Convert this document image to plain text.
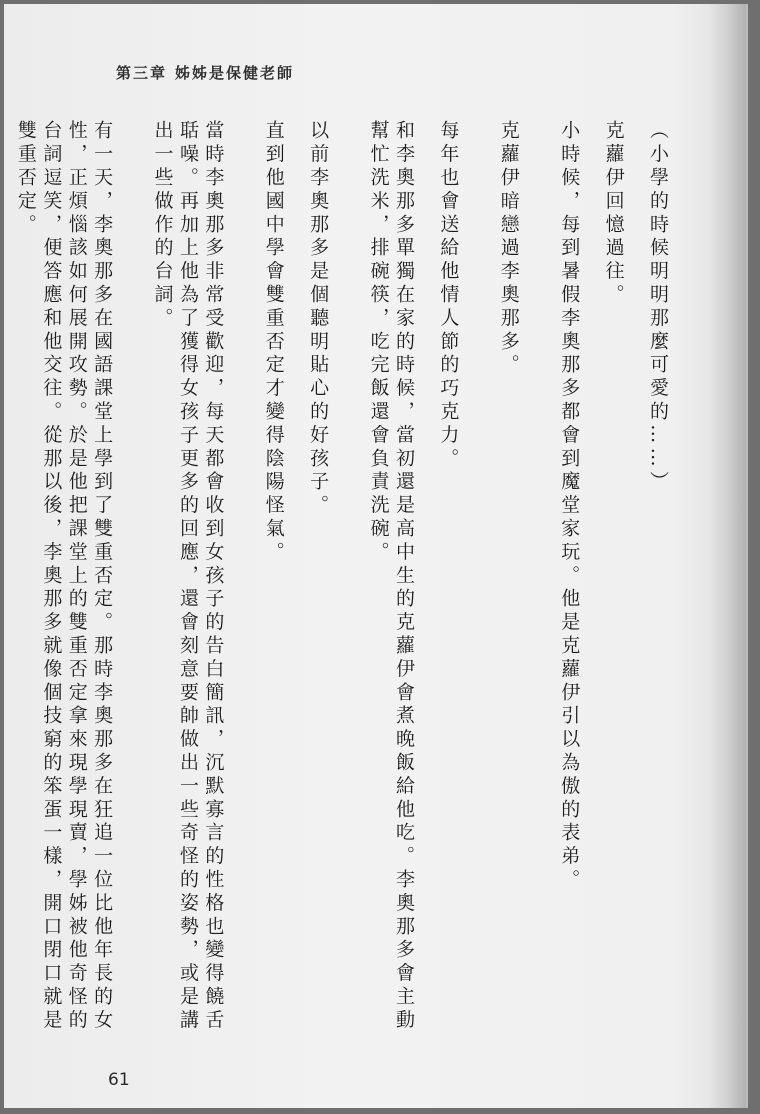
第三章 姊姊是保健老師

（小學的時候明明那麼可愛的……）

克蘿伊回憶過往。

小時候，每到暑假李奧那多都會到魔堂家玩。他是克蘿伊引以為傲的表弟。

克蘿伊暗戀過李奧那多。

每年也會送給他情人節的巧克力。

和李奧那多單獨在家的時候，當初還是高中生的克蘿伊會煮晚飯給他吃。李奧那多會主動幫忙洗米，排碗筷，吃完飯還會負責洗碗。

以前李奧那多是個聽明貼心的好孩子。

直到他國中學會雙重否定才變得陰陽怪氣。

當時李奧那多非常受歡迎，每天都會收到女孩子的告白簡訊，沉默寡言的性格也變得饒舌聒噪。再加上他為了獲得女孩子更多的回應，還會刻意要帥做出一些奇怪的姿勢，或是講出一些做作的台詞。

有一天，李奧那多在國語課堂上學到了雙重否定。那時李奧那多在狂追一位比他年長的女性，正煩惱該如何展開攻勢。於是他把課堂上的雙重否定拿來現學現賣，學姊被他奇怪的台詞逗笑，便答應和他交往。從那以後，李奧那多就像個技窮的笨蛋一樣，開口閉口就是雙重否定。

61
